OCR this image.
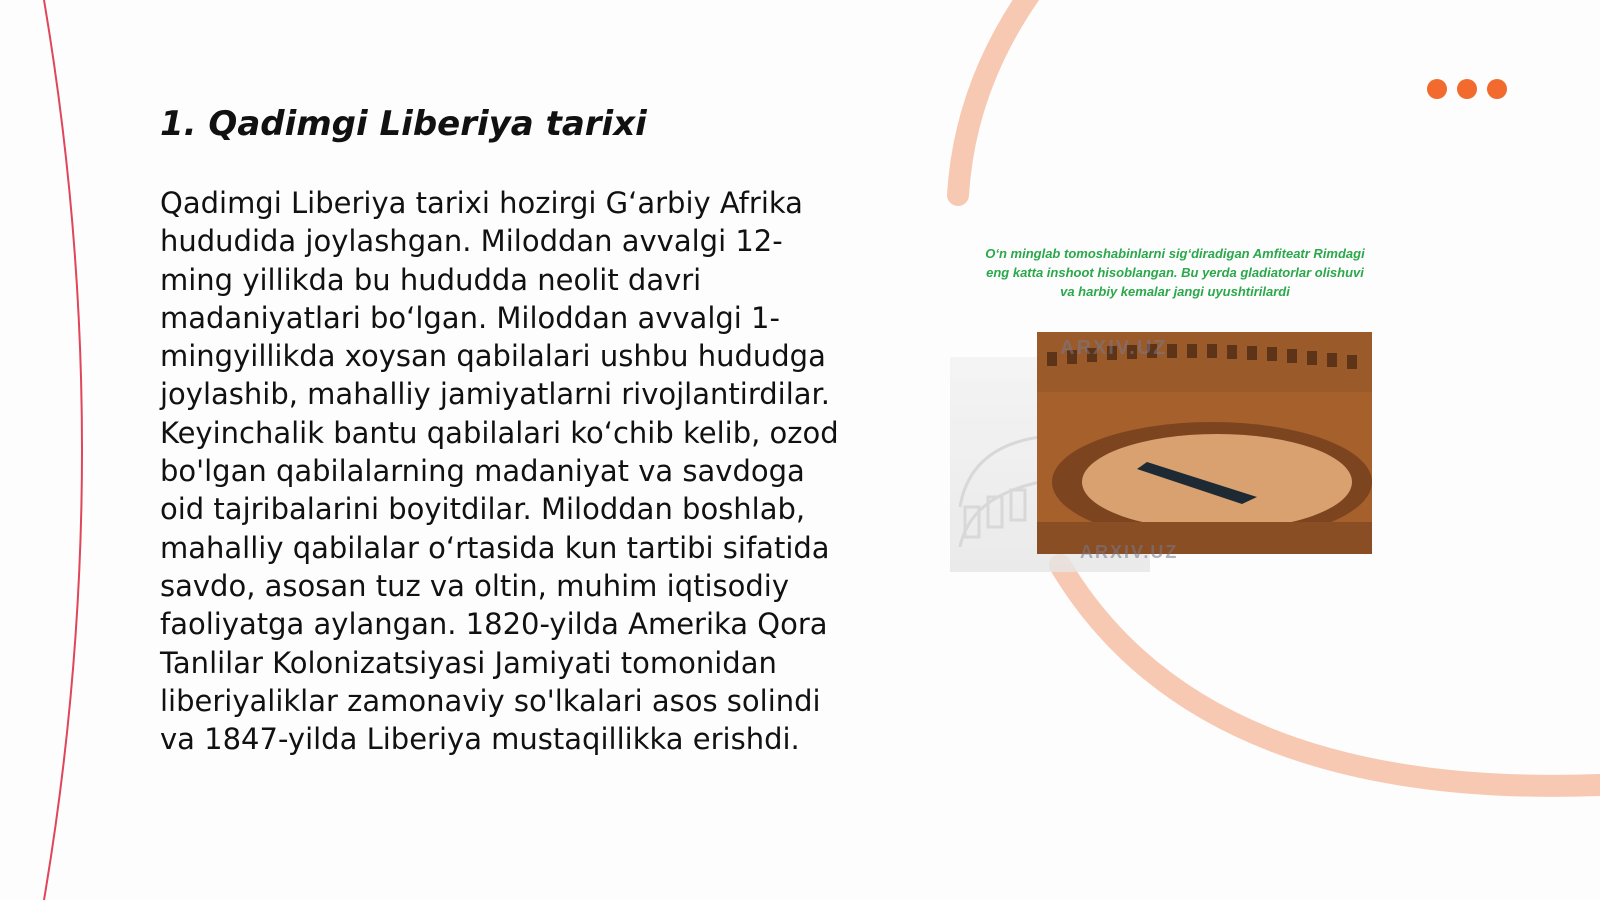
1. Qadimgi Liberiya tarixi

Qadimgi Liberiya tarixi hozirgi G‘arbiy Afrika hududida joylashgan. Miloddan avvalgi 12-ming yillikda bu hududda neolit davri madaniyatlari bo‘lgan. Miloddan avvalgi 1-mingyillikda xoysan qabilalari ushbu hududga joylashib, mahalliy jamiyatlarni rivojlantirdilar. Keyinchalik bantu qabilalari ko‘chib kelib, ozod bo'lgan qabilalarning madaniyat va savdoga oid tajribalarini boyitdilar. Miloddan boshlab, mahalliy qabilalar o‘rtasida kun tartibi sifatida savdo, asosan tuz va oltin, muhim iqtisodiy faoliyatga aylangan. 1820-yilda Amerika Qora Tanlilar Kolonizatsiyasi Jamiyati tomonidan liberiyaliklar zamonaviy so'lkalari asos solindi va 1847-yilda Liberiya mustaqillikka erishdi.

O‘n minglab tomoshabinlarni sig‘diradigan Amfiteatr Rimdagi eng katta inshoot hisoblangan. Bu yerda gladiatorlar olishuvi va harbiy kemalar jangi uyushtirilardi
ARXIV.UZ
ARXIV.UZ
